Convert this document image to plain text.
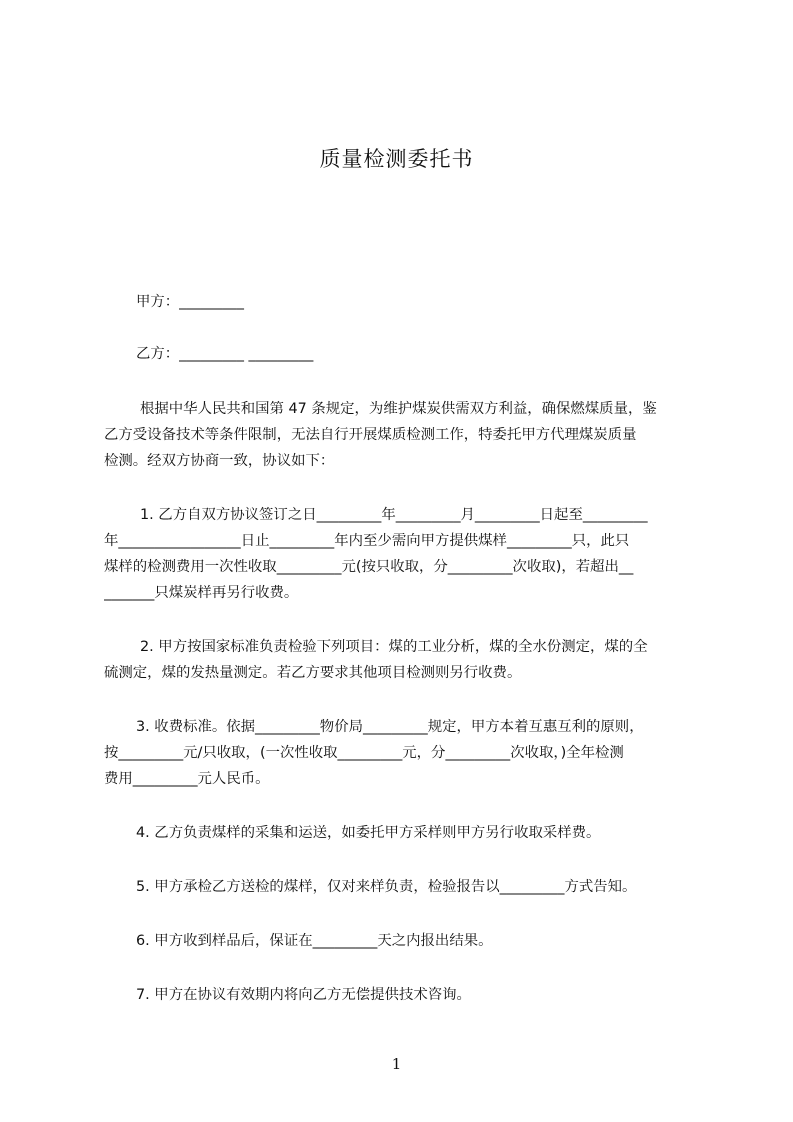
质量检测委托书
甲方：_________
乙方：_________ _________
根据中华人民共和国第 47 条规定，为维护煤炭供需双方利益，确保燃煤质量，鉴
乙方受设备技术等条件限制，无法自行开展煤质检测工作，特委托甲方代理煤炭质量
检测。经双方协商一致，协议如下：
1. 乙方自双方协议签订之日_________年_________月_________日起至_________
年_________________日止_________年内至少需向甲方提供煤样_________只，此只
煤样的检测费用一次性收取_________元(按只收取，分_________次收取)，若超出__
_______只煤炭样再另行收费。
2. 甲方按国家标准负责检验下列项目：煤的工业分析，煤的全水份测定，煤的全
硫测定，煤的发热量测定。若乙方要求其他项目检测则另行收费。
3. 收费标准。依据_________物价局_________规定，甲方本着互惠互利的原则，
按_________元/只收取，(一次性收取_________元，分_________次收取，)全年检测
费用_________元人民币。
4. 乙方负责煤样的采集和运送，如委托甲方采样则甲方另行收取采样费。
5. 甲方承检乙方送检的煤样，仅对来样负责，检验报告以_________方式告知。
6. 甲方收到样品后，保证在_________天之内报出结果。
7. 甲方在协议有效期内将向乙方无偿提供技术咨询。
1
